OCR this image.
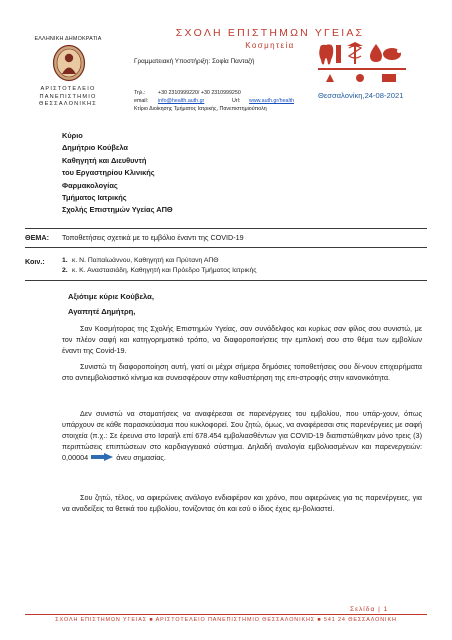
ΕΛΛΗΝΙΚΗ ΔΗΜΟΚΡΑΤΙΑ
ΑΡΙΣΤΟΤΕΛΕΙΟ
ΠΑΝΕΠΙΣΤΗΜΙΟ
ΘΕΣΣΑΛΟΝΙΚΗΣ
ΣΧΟΛΗ ΕΠΙΣΤΗΜΩΝ ΥΓΕΙΑΣ
Κοσμητεία
Γραμματειακή Υποστήριξη: Σοφία Πανταζή
Τηλ.: +30 2310999220/ +30 2310999250
email: info@health.auth.gr	Url: www.auth.gr/health
Κτίριο Διοίκησης Τμήματος Ιατρικής, Πανεπιστημιούπολη
Θεσσαλονίκη,24-08-2021
Κύριο
Δημήτριο Κούβελα
Καθηγητή και Διευθυντή
του Εργαστηρίου Κλινικής
Φαρμακολογίας
Τμήματος Ιατρικής
Σχολής Επιστημών Υγείας ΑΠΘ
ΘΕΜΑ: Τοποθετήσεις σχετικά με το εμβόλιο έναντι της COVID-19
Κοιν.:	1. κ. Ν. Παπαϊωάννου, Καθηγητή και Πρύτανη ΑΠΘ
2. κ. Κ. Αναστασιάδη, Καθηγητή και Πρόεδρο Τμήματος Ιατρικής
Αξιότιμε κύριε Κούβελα,
Αγαπητέ Δημήτρη,
Σαν Κοσμήτορας της Σχολής Επιστημών Υγείας, σαν συνάδελφος και κυρίως σαν φίλος σου συνιστώ, με τον πλέον σαφή και κατηγορηματικό τρόπο, να διαφοροποιήσεις την εμπλοκή σου στο θέμα των εμβολίων έναντι της Covid-19.
Συνιστώ τη διαφοροποίηση αυτή, γιατί οι μέχρι σήμερα δημόσιες τοποθετήσεις σου δί-νουν επιχειρήματα στο αντιεμβολιαστικό κίνημα και συνεισφέρουν στην καθυστέρηση της επι-στροφής στην κανονικότητα.
Δεν συνιστώ να σταματήσεις να αναφέρεσαι σε παρενέργειες του εμβολίου, που υπάρ-χουν, όπως υπάρχουν σε κάθε παρασκεύασμα που κυκλοφορεί. Σου ζητώ, όμως, να αναφέρεσαι στις παρενέργειες με σαφή στοιχεία (π.χ.: Σε έρευνα στο Ισραήλ επί 678.454 εμβολιασθέντων για COVID-19 διαπιστώθηκαν μόνο τρεις (3) περιπτώσεις επιπτώσεων στο καρδιαγγειακό σύστημα. Δηλαδή αναλογία εμβολιασμένων και παρενεργειών: 0,00004	άνευ σημασίας.
Σου ζητώ, τέλος, να αφιερώνεις ανάλογο ενδιαφέρον και χρόνο, που αφιερώνεις για τις παρενέργειες, για να αναδείξεις τα θετικά του εμβολίου, τονίζοντας ότι και εσύ ο ίδιος έχεις εμ-βολιαστεί.
Σελίδα | 1
ΣΧΟΛΗ ΕΠΙΣΤΗΜΩΝ ΥΓΕΙΑΣ ■ ΑΡΙΣΤΟΤΕΛΕΙΟ ΠΑΝΕΠΙΣΤΗΜΙΟ ΘΕΣΣΑΛΟΝΙΚΗΣ ■ 541 24 ΘΕΣΣΑΛΟΝΙΚΗ
